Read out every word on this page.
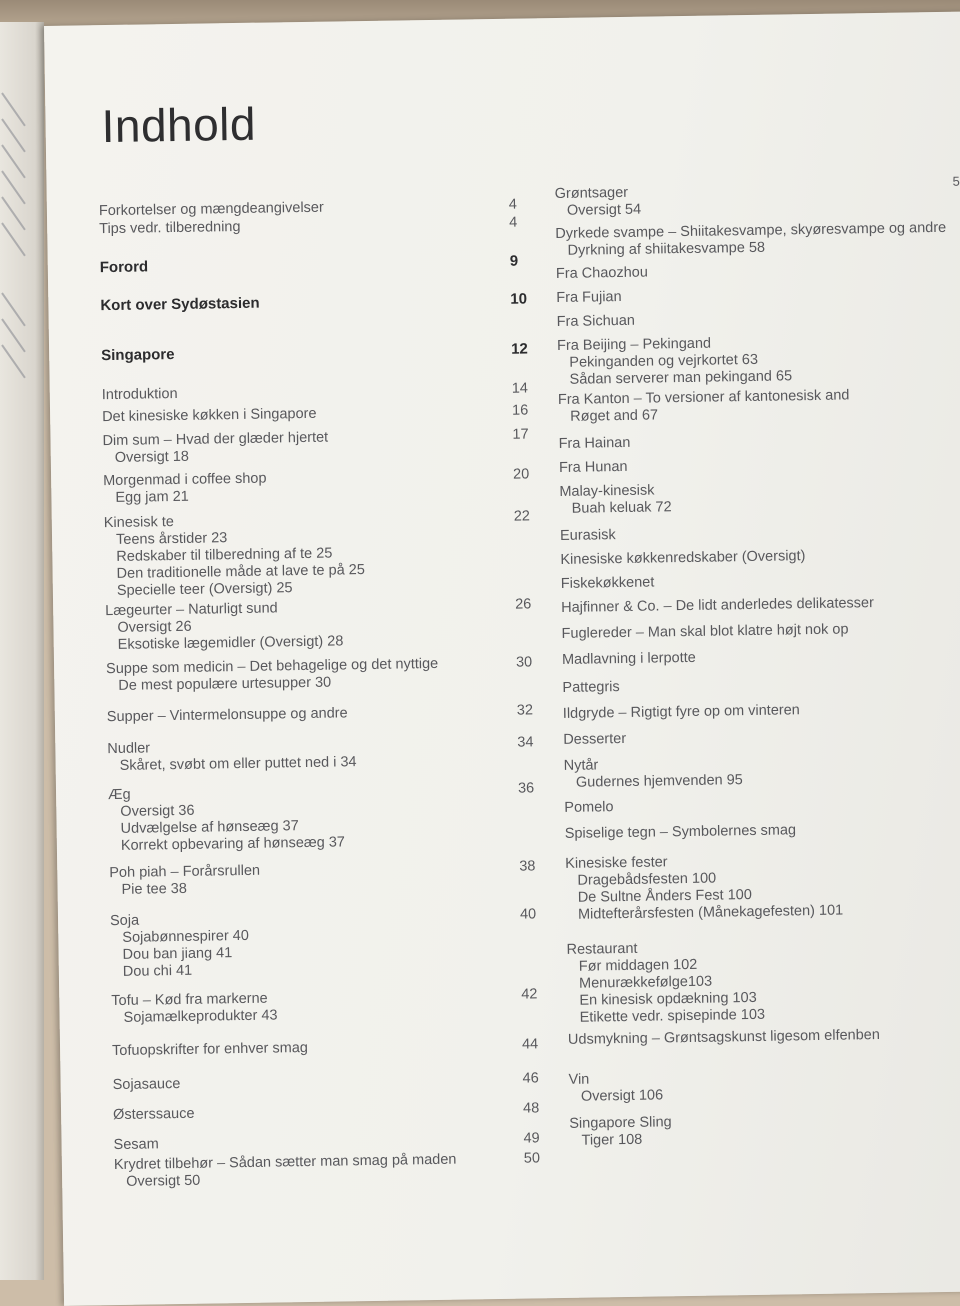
Indhold
Forkortelser og mængdeangivelser	4
Tips vedr. tilberedning	4
Forord	9
Kort over Sydøstasien	10
Singapore	12
Introduktion	14
Det kinesiske køkken i Singapore	16
Dim sum – Hvad der glæder hjertet	17
Oversigt 18
Morgenmad i coffee shop	20
Egg jam 21
Kinesisk te	22
Teens årstider 23
Redskaber til tilberedning af te 25
Den traditionelle måde at lave te på 25
Specielle teer (Oversigt) 25
Lægeurter – Naturligt sund	26
Oversigt 26
Eksotiske lægemidler (Oversigt) 28
Suppe som medicin – Det behagelige og det nyttige	30
De mest populære urtesupper 30
Supper – Vintermelonsuppe og andre	32
Nudler	34
Skåret, svøbt om eller puttet ned i 34
Æg	36
Oversigt 36
Udvælgelse af hønseæg 37
Korrekt opbevaring af hønseæg 37
Poh piah – Forårsrullen	38
Pie tee 38
Soja	40
Sojabønnespirer 40
Dou ban jiang 41
Dou chi 41
Tofu – Kød fra markerne	42
Sojamælkeprodukter 43
Tofuopskrifter for enhver smag	44
Sojasauce	46
Østerssauce	48
Sesam	49
Krydret tilbehør – Sådan sætter man smag på maden	50
Oversigt 50
Grøntsager
Oversigt 54
Dyrkede svampe – Shiitakesvampe, skyøresvampe og andre
Dyrkning af shiitakesvampe 58
Fra Chaozhou
Fra Fujian
Fra Sichuan
Fra Beijing – Pekingand
Pekinganden og vejrkortet 63
Sådan serverer man pekingand 65
Fra Kanton – To versioner af kantonesisk and
Røget and 67
Fra Hainan
Fra Hunan
Malay-kinesisk
Buah keluak 72
Eurasisk
Kinesiske køkkenredskaber (Oversigt)
Fiskekøkkenet
Hajfinner & Co. – De lidt anderledes delikatesser
Fuglereder – Man skal blot klatre højt nok op
Madlavning i lerpotte
Pattegris
Ildgryde – Rigtigt fyre op om vinteren
Desserter
Nytår
Gudernes hjemvenden 95
Pomelo
Spiselige tegn – Symbolernes smag
Kinesiske fester
Dragebådsfesten 100
De Sultne Ånders Fest 100
Midtefterårsfesten (Månekagefesten) 101
Restaurant
Før middagen 102
Menurækkefølge103
En kinesisk opdækning 103
Etikette vedr. spisepinde 103
Udsmykning – Grøntsagskunst ligesom elfenben
Vin
Oversigt 106
Singapore Sling
Tiger 108
5
